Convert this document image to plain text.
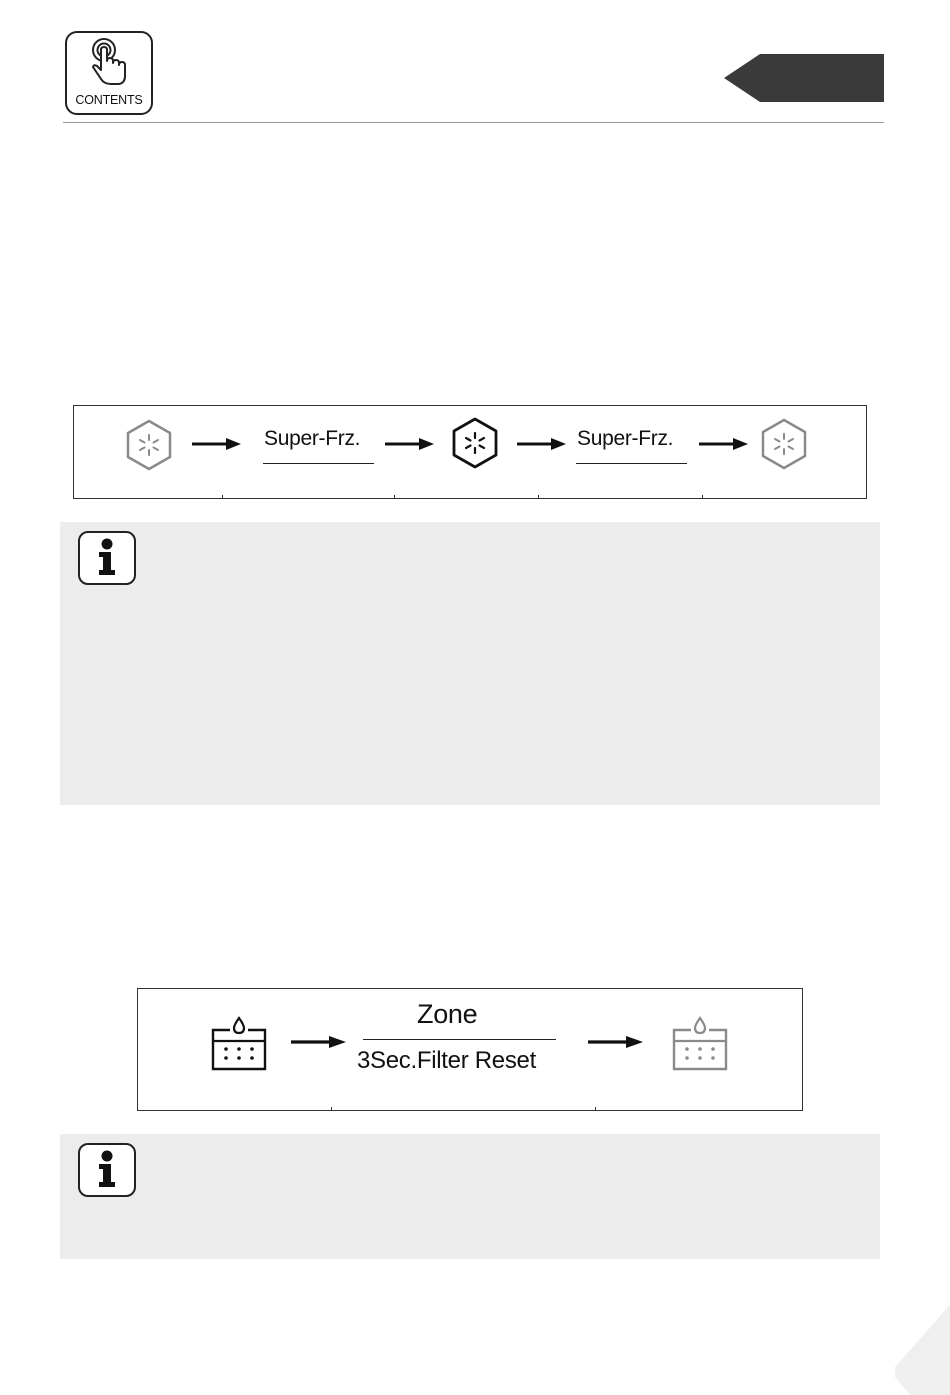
CONTENTS
Super-Frz.	Super-Frz.
Zone
3Sec.Filter Reset
